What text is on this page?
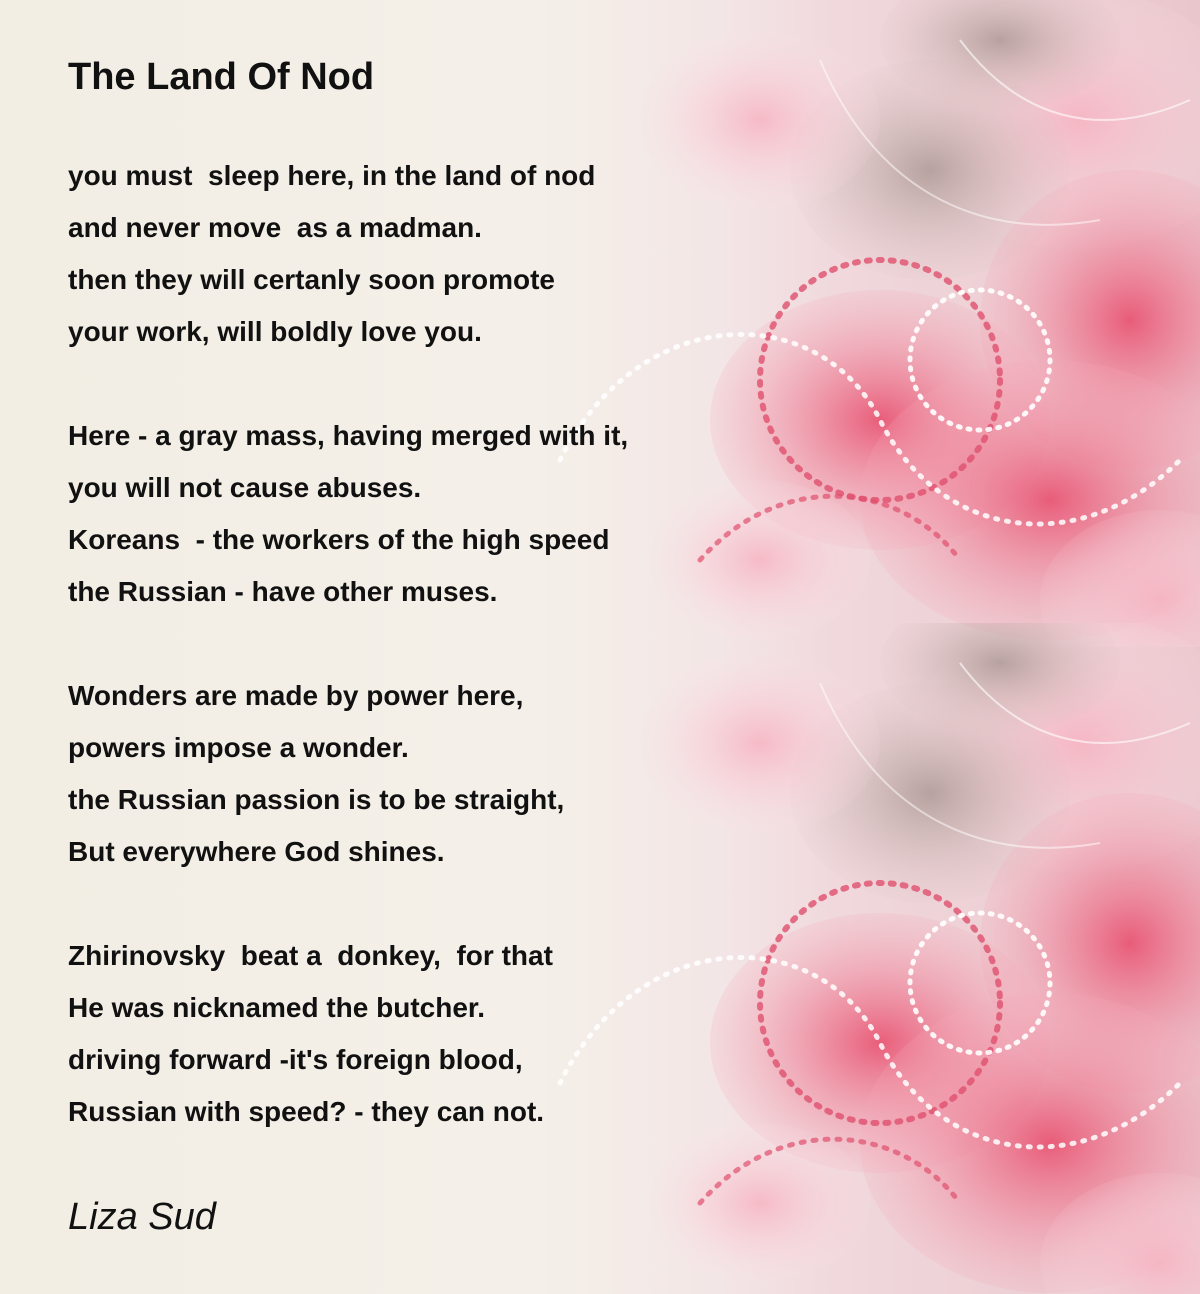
The Land Of Nod
you must  sleep here, in the land of nod
and never move  as a madman.
then they will certanly soon promote
your work, will boldly love you.
Here - a gray mass, having merged with it,
you will not cause abuses.
Koreans  - the workers of the high speed
the Russian - have other muses.
Wonders are made by power here,
powers impose a wonder.
the Russian passion is to be straight,
But everywhere God shines.
Zhirinovsky  beat a  donkey,  for that
He was nicknamed the butcher.
driving forward -it's foreign blood,
Russian with speed? - they can not.
Liza Sud
